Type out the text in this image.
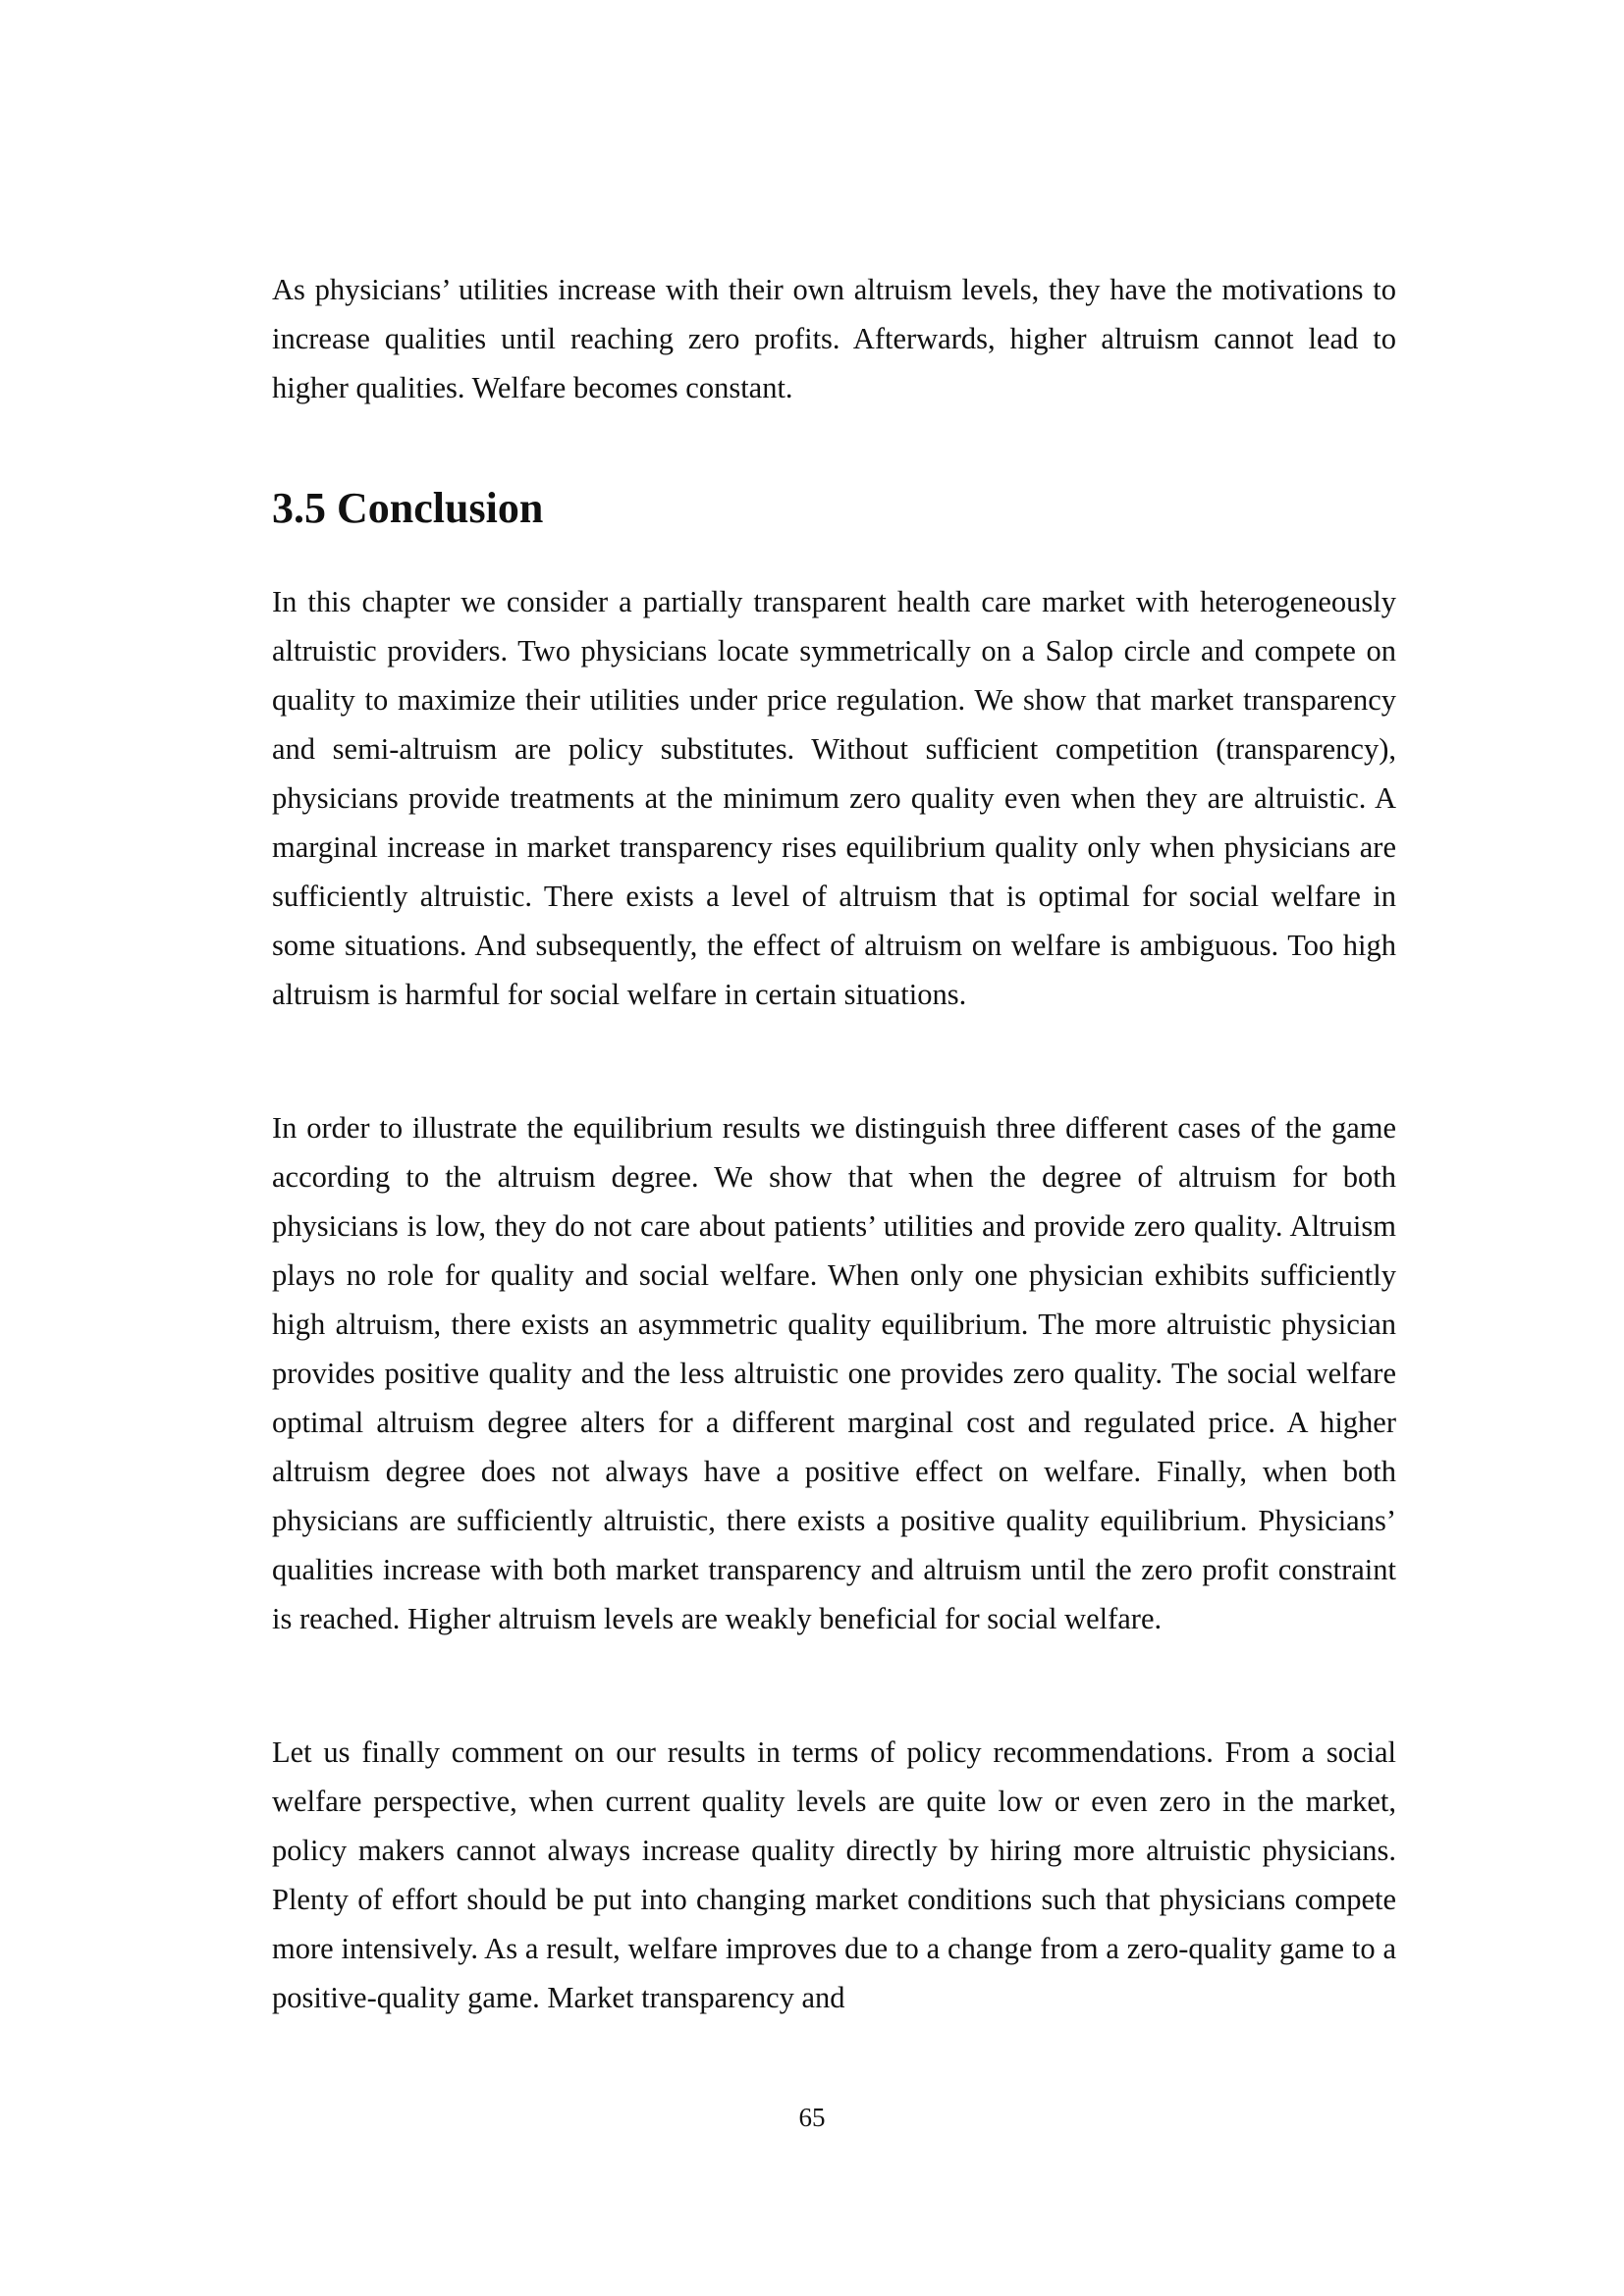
As physicians’ utilities increase with their own altruism levels, they have the motivations to increase qualities until reaching zero profits. Afterwards, higher altruism cannot lead to higher qualities. Welfare becomes constant.

3.5 Conclusion

In this chapter we consider a partially transparent health care market with heterogeneously altruistic providers. Two physicians locate symmetrically on a Salop circle and compete on quality to maximize their utilities under price regulation. We show that market transparency and semi-altruism are policy substitutes. Without sufficient competition (transparency), physicians provide treatments at the minimum zero quality even when they are altruistic. A marginal increase in market transparency rises equilibrium quality only when physicians are sufficiently altruistic. There exists a level of altruism that is optimal for social welfare in some situations. And subsequently, the effect of altruism on welfare is ambiguous. Too high altruism is harmful for social welfare in certain situations.

In order to illustrate the equilibrium results we distinguish three different cases of the game according to the altruism degree. We show that when the degree of altruism for both physicians is low, they do not care about patients’ utilities and provide zero quality. Altruism plays no role for quality and social welfare. When only one physician exhibits sufficiently high altruism, there exists an asymmetric quality equilibrium. The more altruistic physician provides positive quality and the less altruistic one provides zero quality. The social welfare optimal altruism degree alters for a different marginal cost and regulated price. A higher altruism degree does not always have a positive effect on welfare. Finally, when both physicians are sufficiently altruistic, there exists a positive quality equilibrium. Physicians’ qualities increase with both market transparency and altruism until the zero profit constraint is reached. Higher altruism levels are weakly beneficial for social welfare.

Let us finally comment on our results in terms of policy recommendations. From a social welfare perspective, when current quality levels are quite low or even zero in the market, policy makers cannot always increase quality directly by hiring more altruistic physicians. Plenty of effort should be put into changing market conditions such that physicians compete more intensively. As a result, welfare improves due to a change from a zero-quality game to a positive-quality game. Market transparency and

65
